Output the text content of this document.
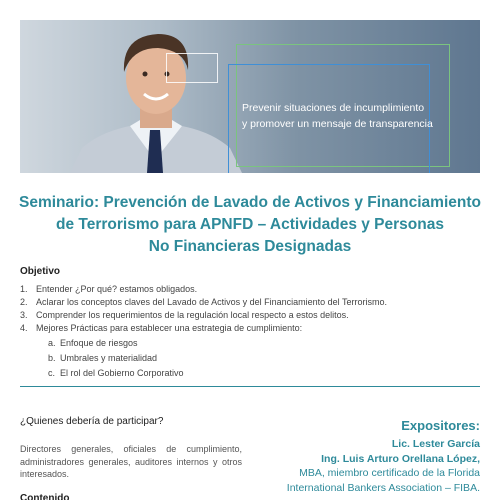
Prevenir situaciones de incumplimiento
y promover un mensaje de transparencia
Seminario: Prevención de Lavado de Activos y Financiamiento
de Terrorismo para APNFD – Actividades y Personas
No Financieras Designadas
Objetivo
1. Entender ¿Por qué? estamos obligados.
2. Aclarar los conceptos claves del Lavado de Activos y del Financiamiento del Terrorismo.
3. Comprender los requerimientos de la regulación local respecto a estos delitos.
4. Mejores Prácticas para establecer una estrategia de cumplimiento:
a. Enfoque de riesgos
b. Umbrales y materialidad
c. El rol del Gobierno Corporativo
¿Quienes debería de participar?
Directores generales, oficiales de cumplimiento, administradores generales, auditores internos y otros interesados.
Contenido
Expositores:
Lic. Lester García
Ing. Luis Arturo Orellana López,
MBA, miembro certificado de la Florida
International Bankers Association – FIBA.
